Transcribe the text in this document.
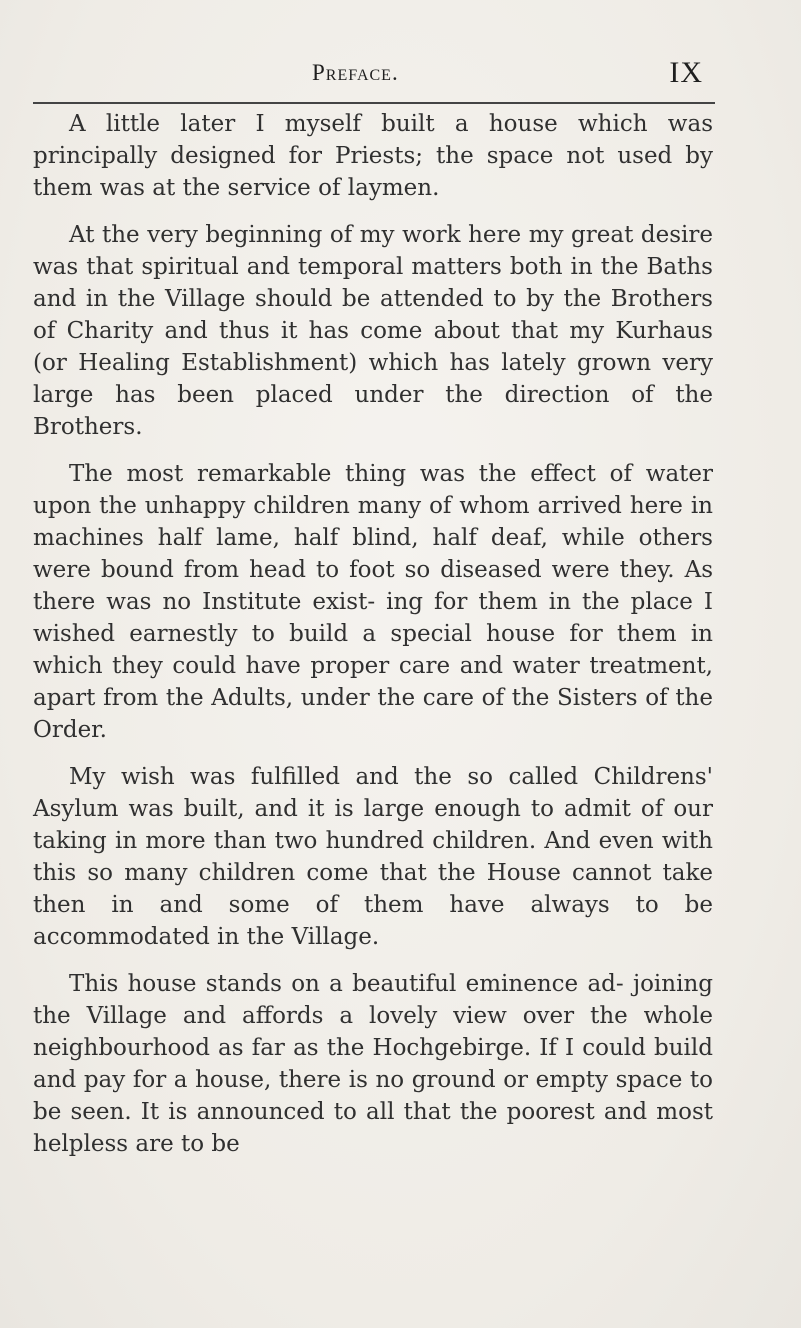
Preface.	IX

A little later I myself built a house which was principally designed for Priests; the space not used by them was at the service of laymen.

At the very beginning of my work here my great desire was that spiritual and temporal matters both in the Baths and in the Village should be attended to by the Brothers of Charity and thus it has come about that my Kurhaus (or Healing Establishment) which has lately grown very large has been placed under the direction of the Brothers.

The most remarkable thing was the effect of water upon the unhappy children many of whom arrived here in machines half lame, half blind, half deaf, while others were bound from head to foot so diseased were they. As there was no Institute exist- ing for them in the place I wished earnestly to build a special house for them in which they could have proper care and water treatment, apart from the Adults, under the care of the Sisters of the Order.

My wish was fulfilled and the so called Childrens' Asylum was built, and it is large enough to admit of our taking in more than two hundred children. And even with this so many children come that the House cannot take then in and some of them have always to be accommodated in the Village.

This house stands on a beautiful eminence ad- joining the Village and affords a lovely view over the whole neighbourhood as far as the Hochgebirge. If I could build and pay for a house, there is no ground or empty space to be seen. It is announced to all that the poorest and most helpless are to be
